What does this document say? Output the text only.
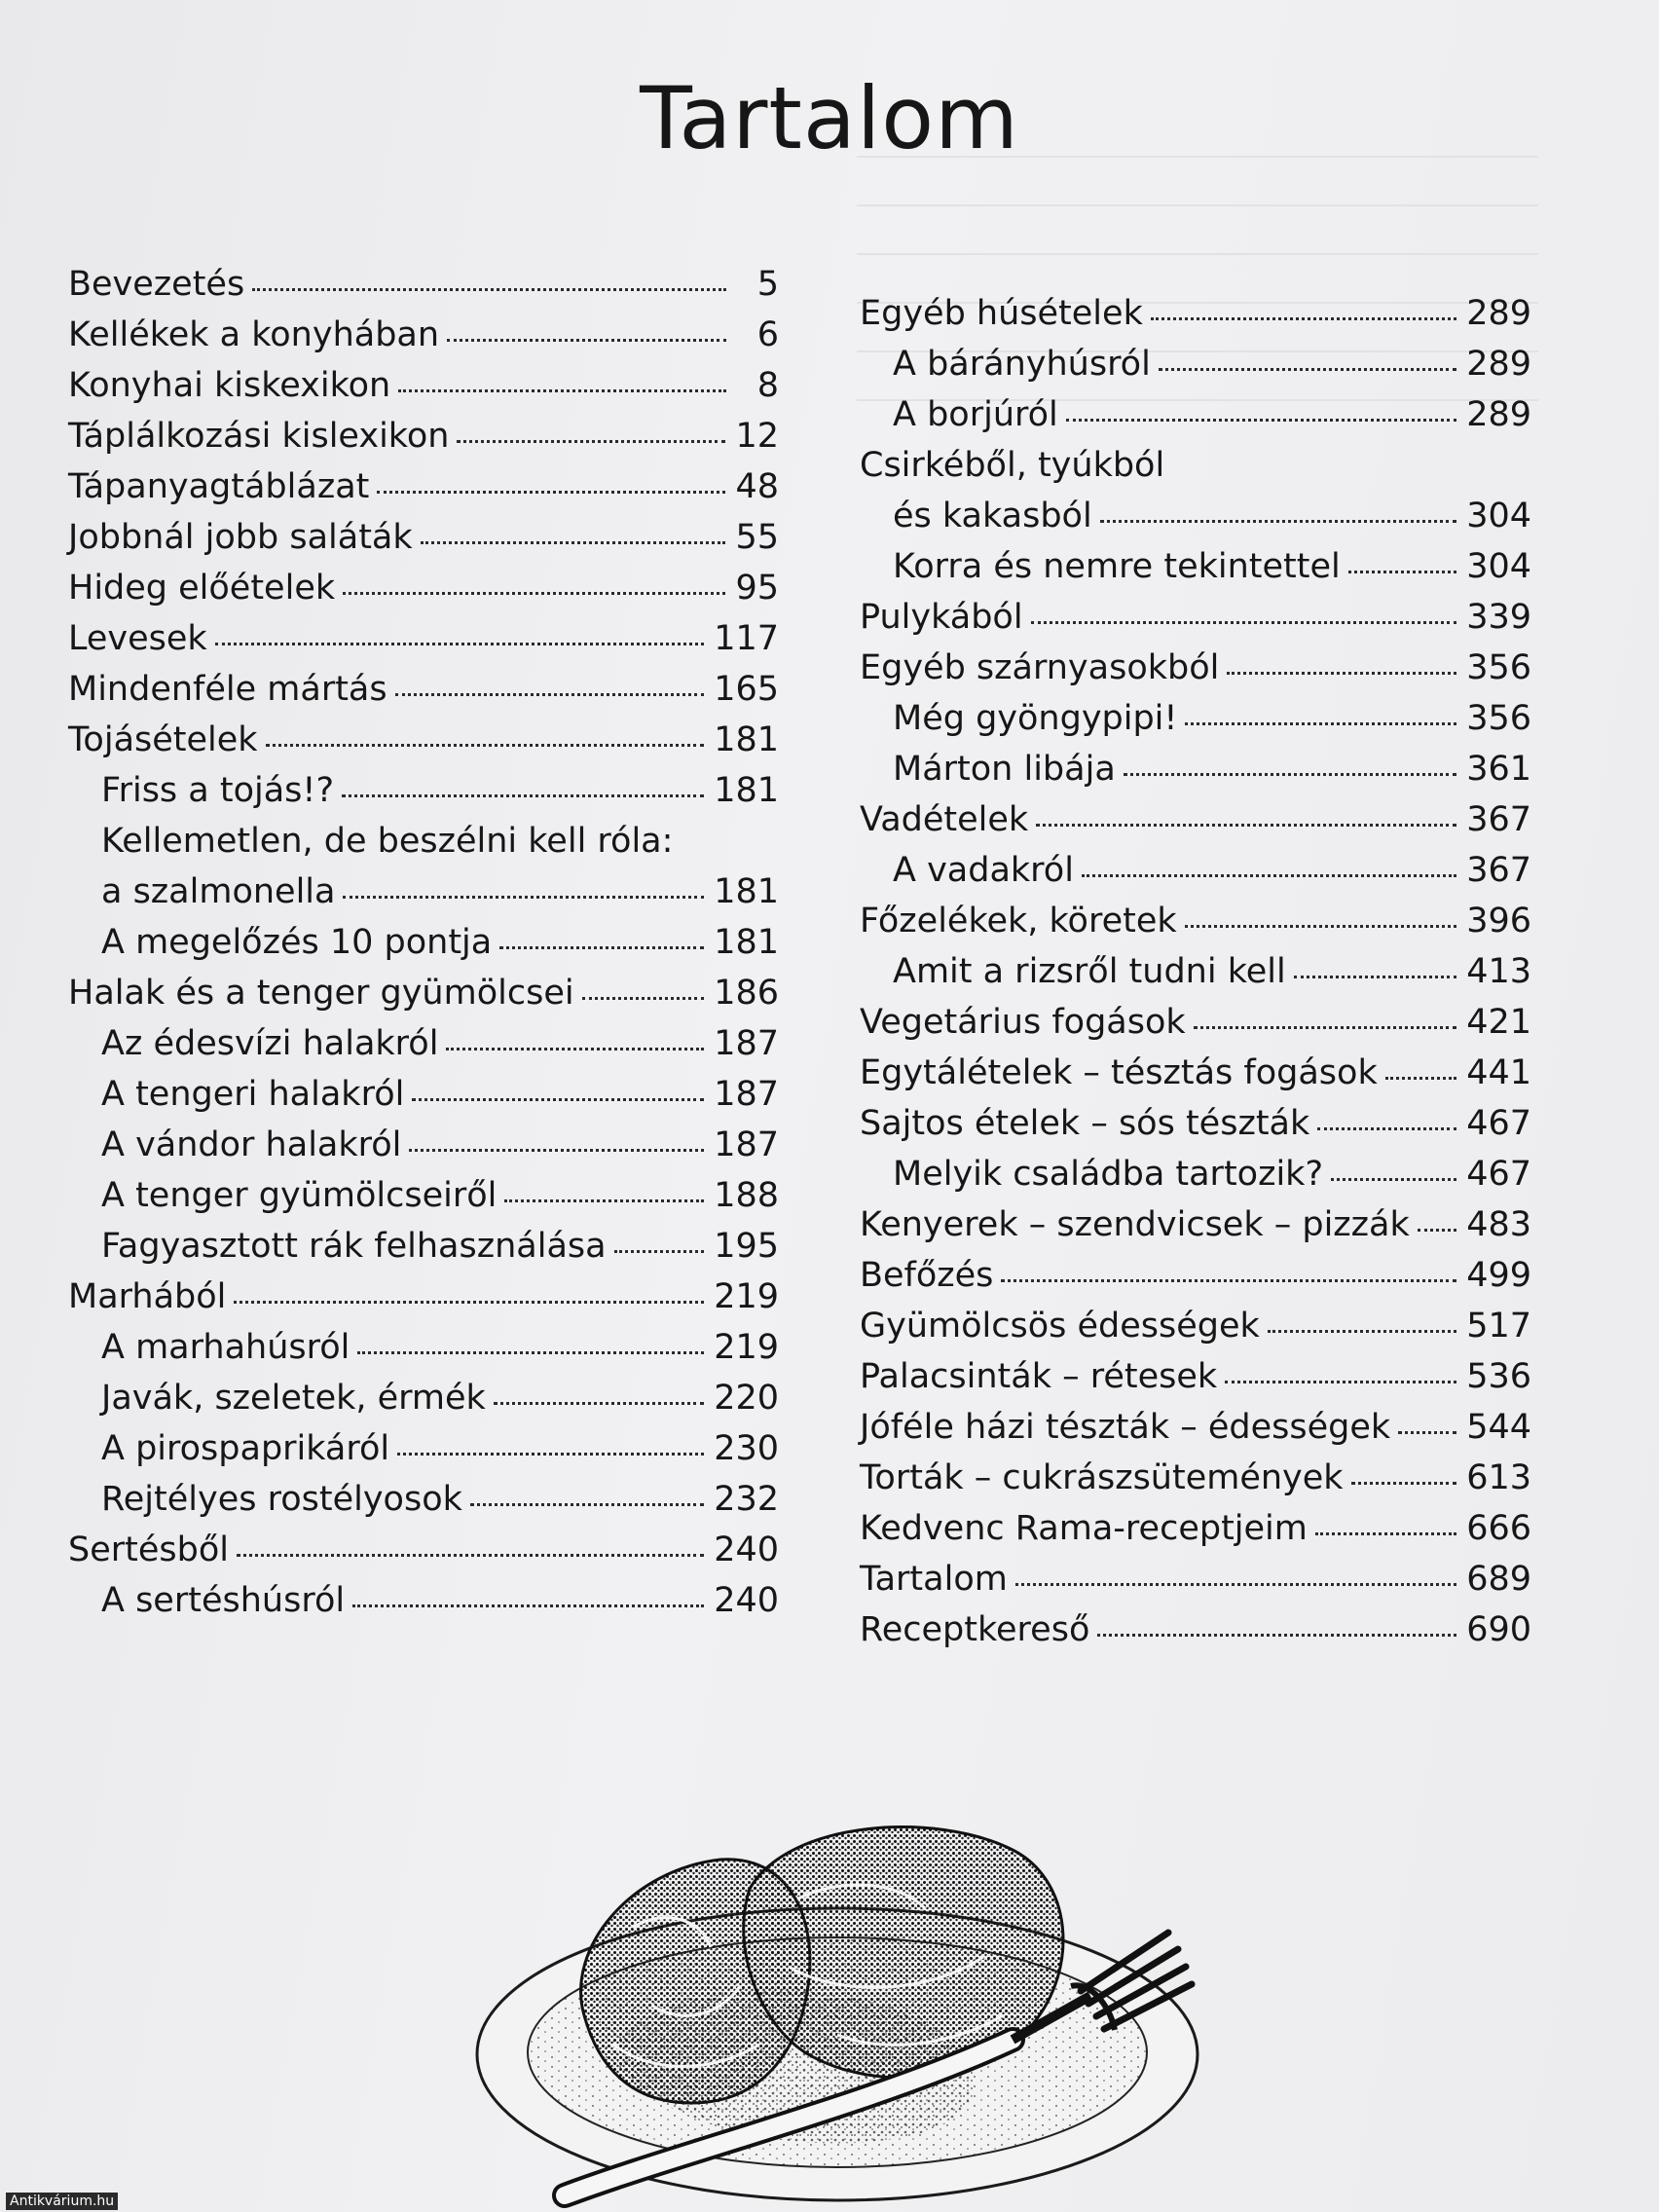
Tartalom
Bevezetés	5
Kellékek a konyhában	6
Konyhai kiskexikon	8
Táplálkozási kislexikon	12
Tápanyagtáblázat	48
Jobbnál jobb saláták	55
Hideg előételek	95
Levesek	117
Mindenféle mártás	165
Tojásételek	181
Friss a tojás!?	181
Kellemetlen, de beszélni kell róla:
a szalmonella	181
A megelőzés 10 pontja	181
Halak és a tenger gyümölcsei	186
Az édesvízi halakról	187
A tengeri halakról	187
A vándor halakról	187
A tenger gyümölcseiről	188
Fagyasztott rák felhasználása	195
Marhából	219
A marhahúsról	219
Javák, szeletek, érmék	220
A pirospaprikáról	230
Rejtélyes rostélyosok	232
Sertésből	240
A sertéshúsról	240
Egyéb húsételek	289
A bárányhúsról	289
A borjúról	289
Csirkéből, tyúkból
és kakasból	304
Korra és nemre tekintettel	304
Pulykából	339
Egyéb szárnyasokból	356
Még gyöngypipi!	356
Márton libája	361
Vadételek	367
A vadakról	367
Főzelékek, köretek	396
Amit a rizsről tudni kell	413
Vegetárius fogások	421
Egytálételek – tésztás fogások	441
Sajtos ételek – sós tészták	467
Melyik családba tartozik?	467
Kenyerek – szendvicsek – pizzák 483
Befőzés	499
Gyümölcsös édességek	517
Palacsinták – rétesek	536
Jóféle házi tészták – édességek 544
Torták – cukrászsütemények	613
Kedvenc Rama-receptjeim	666
Tartalom	689
Receptkereső	690
Antikvárium.hu
